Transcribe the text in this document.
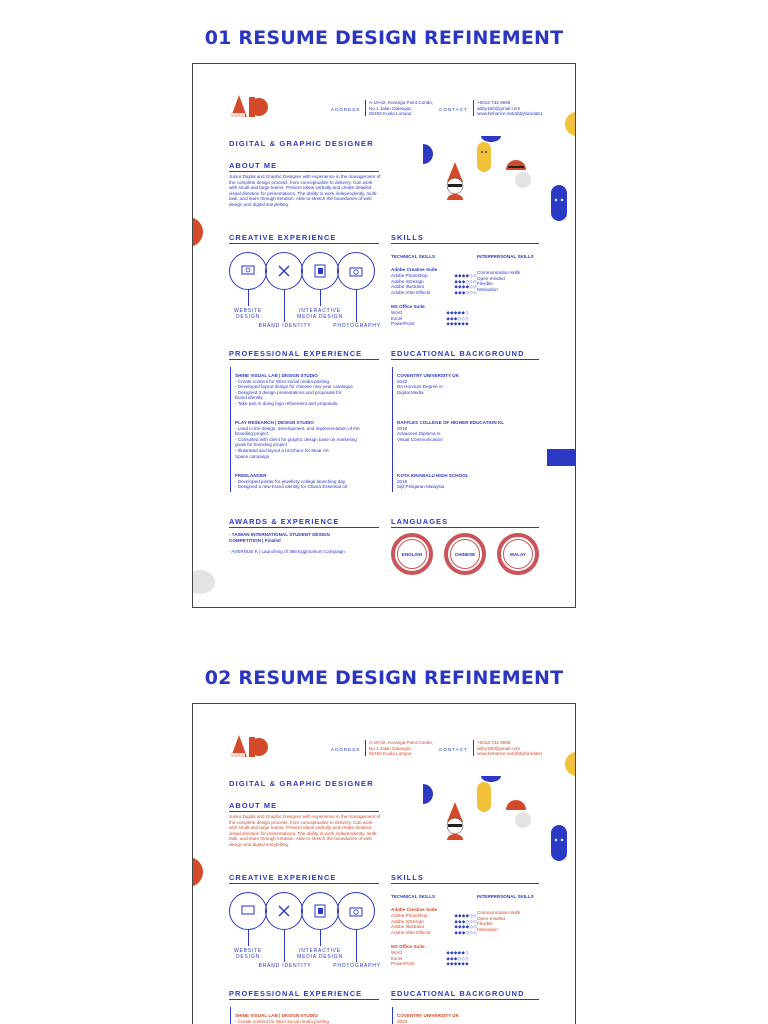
01 RESUME DESIGN REFINEMENT
ADDRESS
A-19-02, Koranga Point Condo,
No.1 Jalan Dalangut,
50450 Kuala Lumpur
CONTACT
+6016 732 9698
abby180@gmail.com
www.behance.net/abbyhanda61
DIGITAL & GRAPHIC DESIGNER
ABOUT ME
Junior Digital and Graphic Designer with experience in the management of the complete design process, from conceptualize to delivery. Can work with small and large teams. Present ideas verbally and create detailed visual direction for presentations. The ability to work independently, multi-task, and learn through iteration. Able to stretch the boundaries of web design and digital storytelling.
CREATIVE EXPERIENCE
WEBSITE DESIGN
BRAND IDENTITY
INTERACTIVE MEDIA DESIGN
PHOTOGRAPHY
SKILLS
TECHNICAL SKILLS	INTERPERSONAL SKILLS
Adobe Creative Suite
Adobe Photoshop	◆◆◆◆◇◇
Adobe InDesign	◆◆◆◇◇◇
Adobe Illustrator	◆◆◆◆◇◇
Adobe After Effects	◆◆◆◇◇◇
Communication skills
Open-minded
Flexible
Motivation
MS Office Suite
Word	◆◆◆◆◆◇
Excel	◆◆◆◇◇◇
PowerPoint	◆◆◆◆◆◆
PROFESSIONAL EXPERIENCE
SHINE VISUAL LAB | DESIGN STUDIO
- Create content for Wizo social media posting.
- Developed layout design for chinese new year catalogue.
- Designed 3 design presentations and proposals for
brand identity.
- Take part in doing logo refinement and proposals.
PLAY RESEARCH | DESIGN STUDIO
- Lead in the design, development, and implementation of the
branding project.
- Consulted with client for graphic design base on marketing
goals for branding project.
- Illustrated and layout a brochure for Muar Art
Space campaign.
FREELANCER
- Developed poster for jewellery college launching day.
- Designed a new brand identity for Chiara Essential oil.
EDUCATIONAL BACKGROUND
COVENTRY UNIVERSITY UK
2022
BA Honours Degree in
Digital Media
RAFFLES COLLEGE OF HIGHER EDUCATION KL
2018
Advanced Diploma in
Visual Communication
KOTA KINABALU HIGH SCHOOL
2016
Sijil Pelajaran Malaysia
AWARDS & EXPERIENCE
- TAIWAN INTERNATIONAL STUDENT DESIGN COMPETITION | Finalist
- AVERNUE K | Launching of 388 Eggmonium Campaign
LANGUAGES
ENGLISH	CHINESE	MALAY
02 RESUME DESIGN REFINEMENT
ADDRESS
A-19-02, Koranga Point Condo,
No.1 Jalan Dalangut,
50450 Kuala Lumpur
CONTACT
+6016 732 9698
abby180@gmail.com
www.behance.net/abbyhanda61
DIGITAL & GRAPHIC DESIGNER
ABOUT ME
Junior Digital and Graphic Designer with experience in the management of the complete design process, from conceptualize to delivery. Can work with small and large teams. Present ideas verbally and create detailed visual direction for presentations. The ability to work independently, multi-task, and learn through iteration. Able to stretch the boundaries of web design and digital storytelling.
CREATIVE EXPERIENCE
WEBSITE DESIGN
BRAND IDENTITY
INTERACTIVE MEDIA DESIGN
PHOTOGRAPHY
SKILLS
TECHNICAL SKILLS	INTERPERSONAL SKILLS
Adobe Creative Suite
Adobe Photoshop	◆◆◆◆◇◇
Adobe InDesign	◆◆◆◇◇◇
Adobe Illustrator	◆◆◆◆◇◇
Adobe After Effects	◆◆◆◇◇◇
Communication skills
Open-minded
Flexible
Motivation
MS Office Suite
Word	◆◆◆◆◆◇
Excel	◆◆◆◇◇◇
PowerPoint	◆◆◆◆◆◆
PROFESSIONAL EXPERIENCE
SHINE VISUAL LAB | DESIGN STUDIO
- Create content for Wizo social media posting.
EDUCATIONAL BACKGROUND
COVENTRY UNIVERSITY UK
2022
